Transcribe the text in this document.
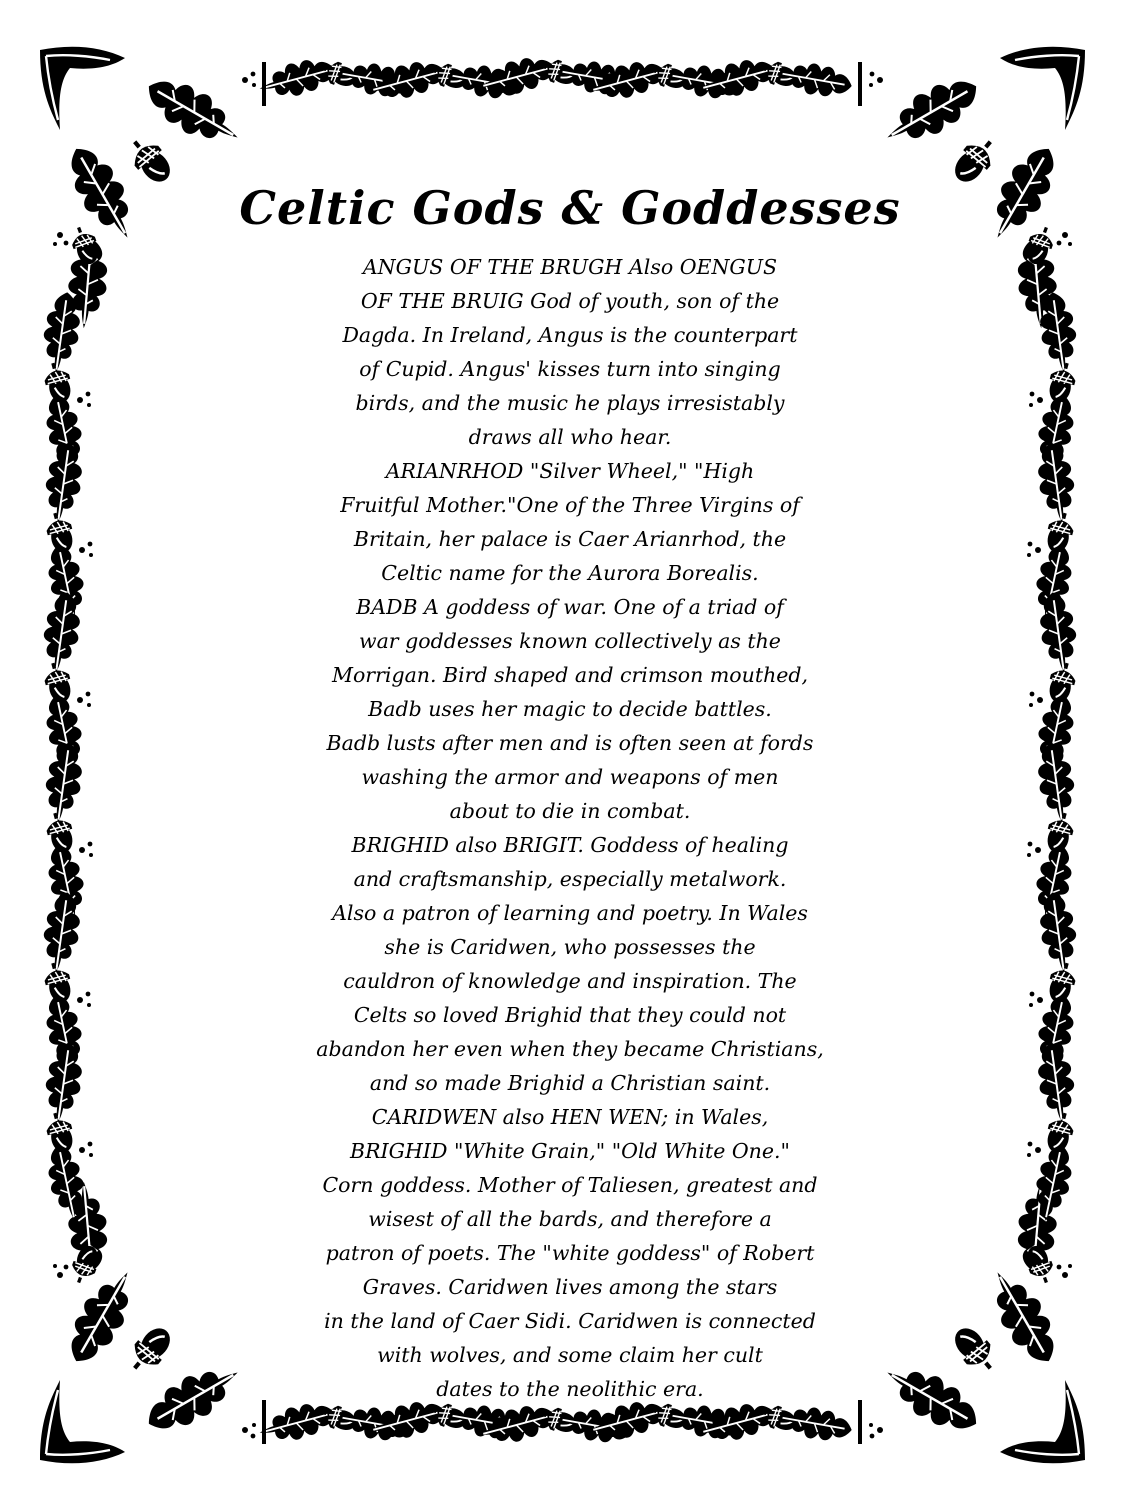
Celtic Gods & Goddesses
ANGUS OF THE BRUGH Also OENGUS
OF THE BRUIG God of youth, son of the
Dagda. In Ireland, Angus is the counterpart
of Cupid. Angus' kisses turn into singing
birds, and the music he plays irresistably
draws all who hear.
ARIANRHOD "Silver Wheel," "High
Fruitful Mother."One of the Three Virgins of
Britain, her palace is Caer Arianrhod, the
Celtic name for the Aurora Borealis.
BADB A goddess of war. One of a triad of
war goddesses known collectively as the
Morrigan. Bird shaped and crimson mouthed,
Badb uses her magic to decide battles.
Badb lusts after men and is often seen at fords
washing the armor and weapons of men
about to die in combat.
BRIGHID also BRIGIT. Goddess of healing
and craftsmanship, especially metalwork.
Also a patron of learning and poetry. In Wales
she is Caridwen, who possesses the
cauldron of knowledge and inspiration. The
Celts so loved Brighid that they could not
abandon her even when they became Christians,
and so made Brighid a Christian saint.
CARIDWEN also HEN WEN; in Wales,
BRIGHID "White Grain," "Old White One."
Corn goddess. Mother of Taliesen, greatest and
wisest of all the bards, and therefore a
patron of poets. The "white goddess" of Robert
Graves. Caridwen lives among the stars
in the land of Caer Sidi. Caridwen is connected
with wolves, and some claim her cult
dates to the neolithic era.
